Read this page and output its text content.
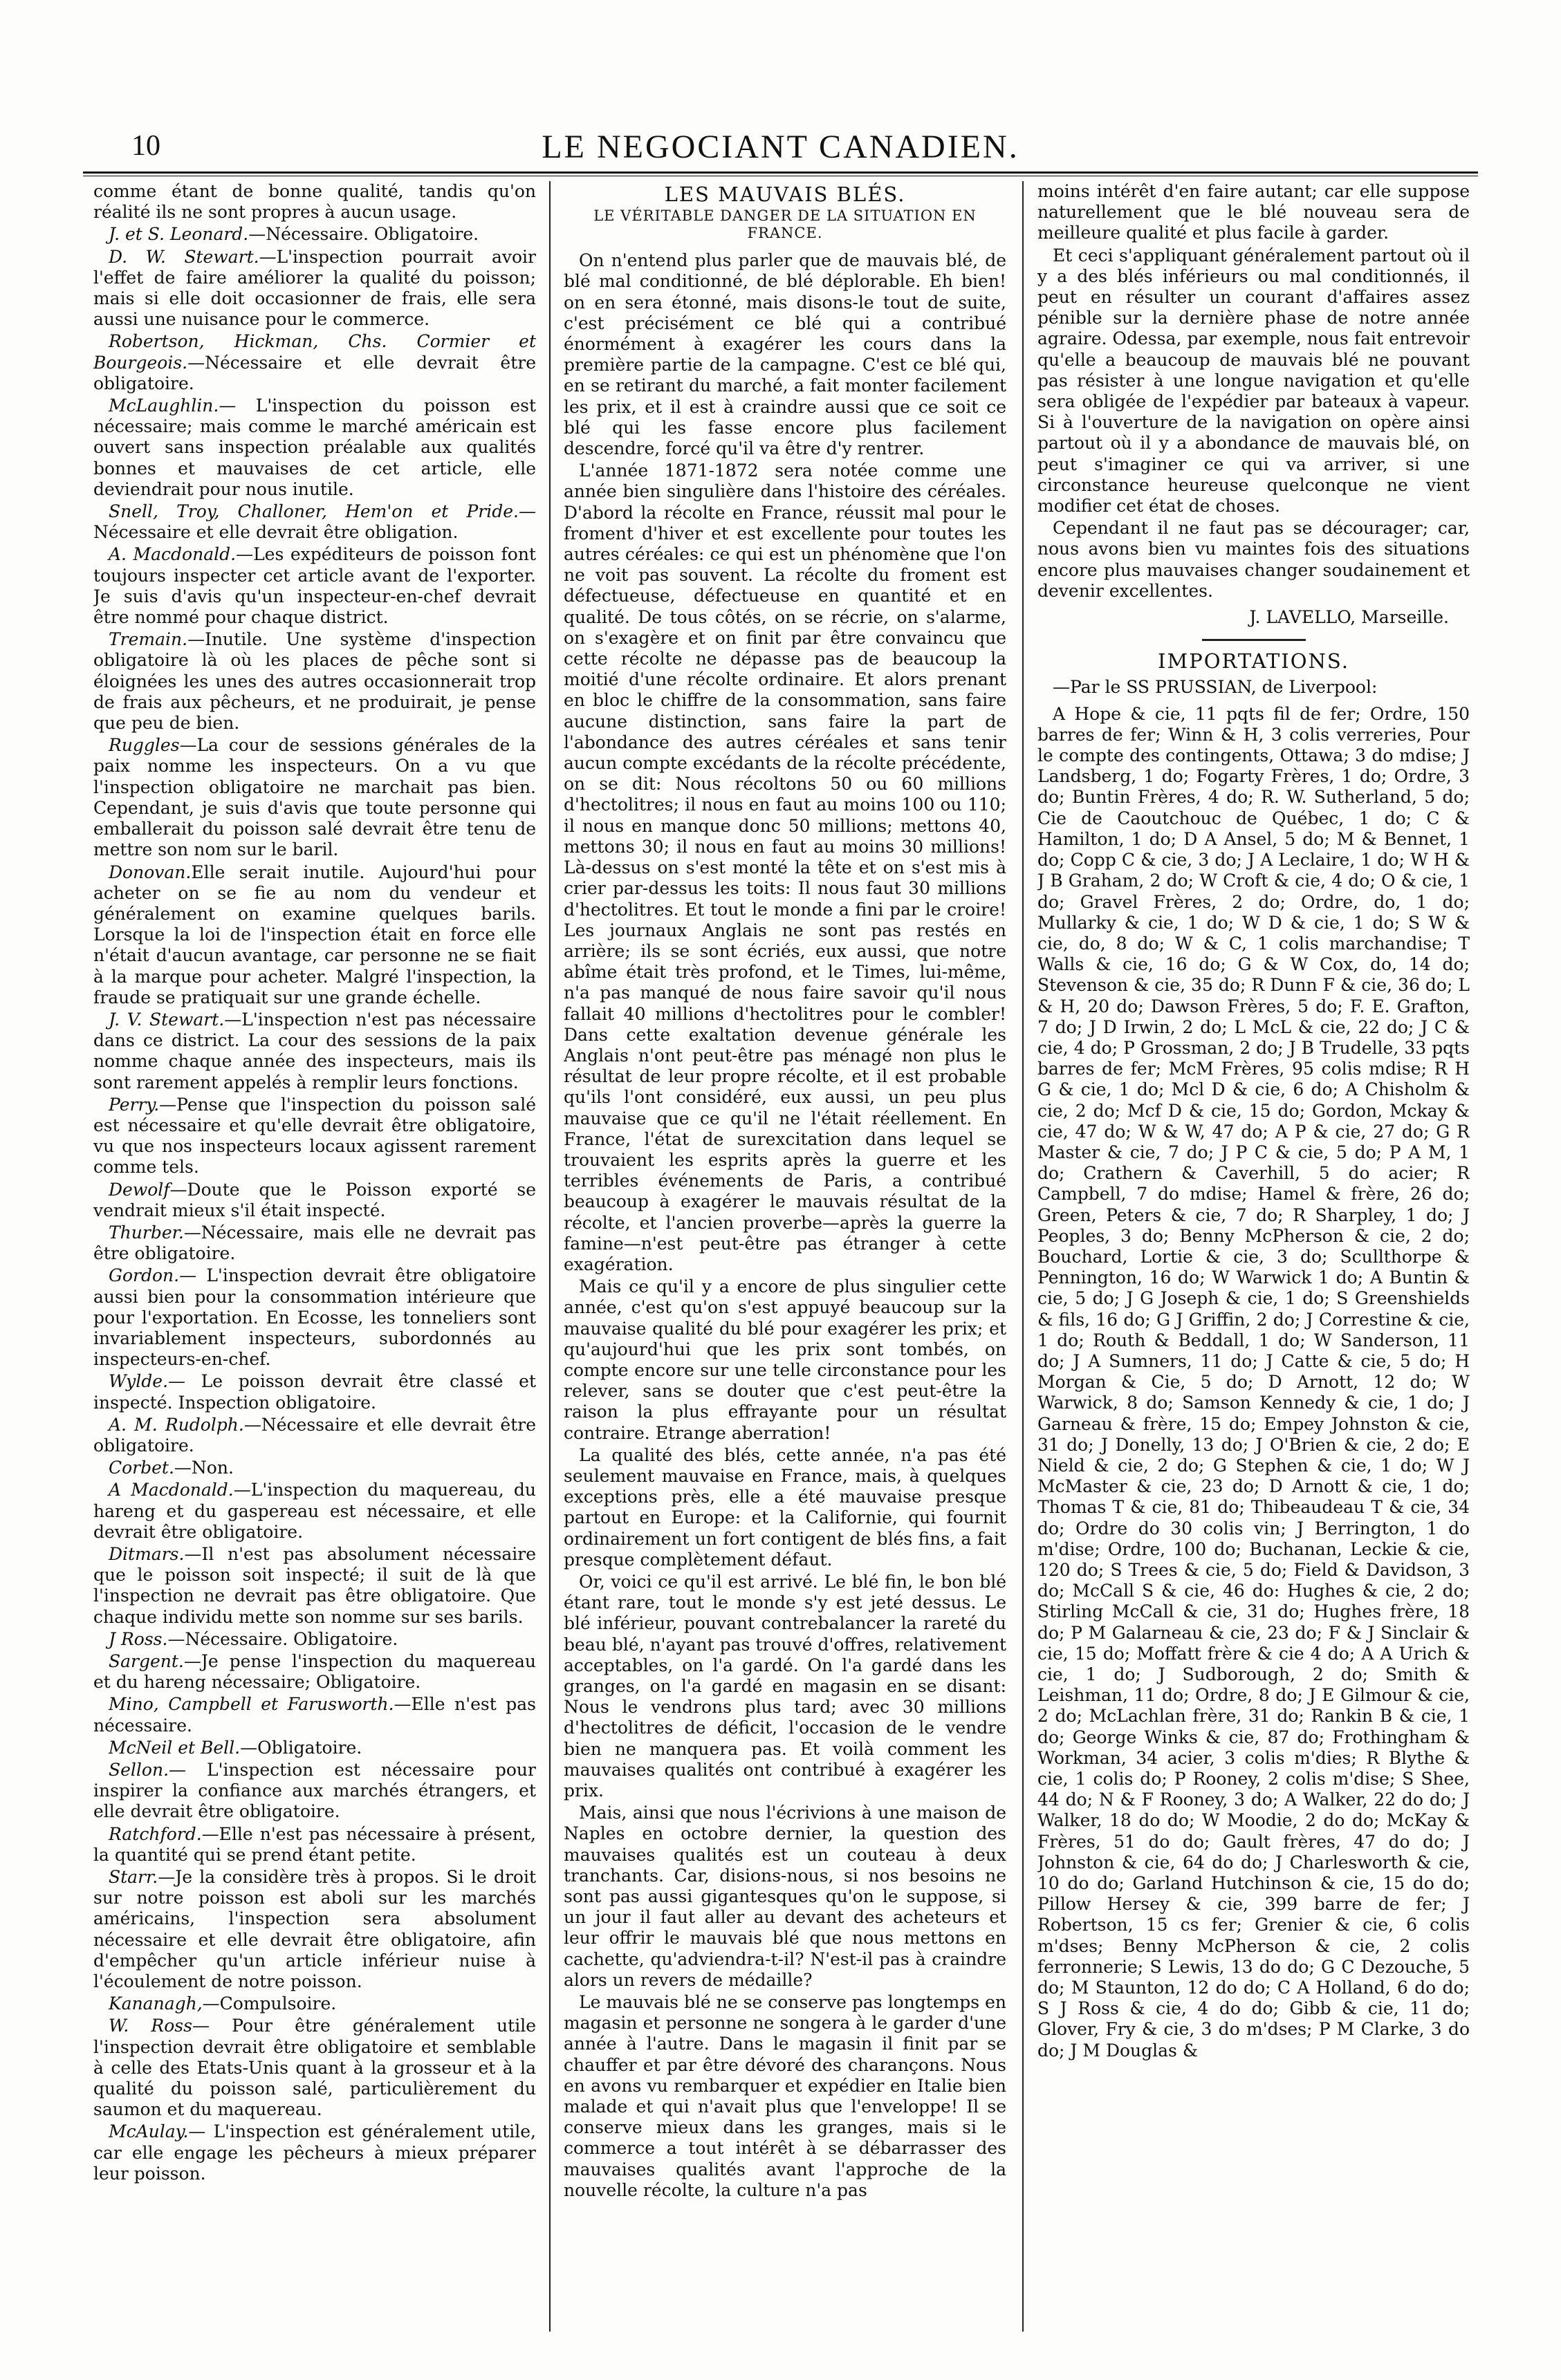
10	LE NEGOCIANT CANADIEN.

comme étant de bonne qualité, tandis qu'on réalité ils ne sont propres à aucun usage.

J. et S. Leonard.—Nécessaire. Obligatoire.

D. W. Stewart.—L'inspection pourrait avoir l'effet de faire améliorer la qualité du poisson; mais si elle doit occasionner de frais, elle sera aussi une nuisance pour le commerce.

Robertson, Hickman, Chs. Cormier et Bourgeois.—Nécessaire et elle devrait être obligatoire.

McLaughlin.— L'inspection du poisson est nécessaire; mais comme le marché américain est ouvert sans inspection préalable aux qualités bonnes et mauvaises de cet article, elle deviendrait pour nous inutile.

Snell, Troy, Challoner, Hem'on et Pride.—Nécessaire et elle devrait être obligation.

A. Macdonald.—Les expéditeurs de poisson font toujours inspecter cet article avant de l'exporter. Je suis d'avis qu'un inspecteur-en-chef devrait être nommé pour chaque district.

Tremain.—Inutile. Une système d'inspection obligatoire là où les places de pêche sont si éloignées les unes des autres occasionnerait trop de frais aux pêcheurs, et ne produirait, je pense que peu de bien.

Ruggles—La cour de sessions générales de la paix nomme les inspecteurs. On a vu que l'inspection obligatoire ne marchait pas bien. Cependant, je suis d'avis que toute personne qui emballerait du poisson salé devrait être tenu de mettre son nom sur le baril.

Donovan.Elle serait inutile. Aujourd'hui pour acheter on se fie au nom du vendeur et généralement on examine quelques barils. Lorsque la loi de l'inspection était en force elle n'était d'aucun avantage, car personne ne se fiait à la marque pour acheter. Malgré l'inspection, la fraude se pratiquait sur une grande échelle.

J. V. Stewart.—L'inspection n'est pas nécessaire dans ce district. La cour des sessions de la paix nomme chaque année des inspecteurs, mais ils sont rarement appelés à remplir leurs fonctions.

Perry.—Pense que l'inspection du poisson salé est nécessaire et qu'elle devrait être obligatoire, vu que nos inspecteurs locaux agissent rarement comme tels.

Dewolf—Doute que le Poisson exporté se vendrait mieux s'il était inspecté.

Thurber.—Nécessaire, mais elle ne devrait pas être obligatoire.

Gordon.— L'inspection devrait être obligatoire aussi bien pour la consommation intérieure que pour l'exportation. En Ecosse, les tonneliers sont invariablement inspecteurs, subordonnés au inspecteurs-en-chef.

Wylde.— Le poisson devrait être classé et inspecté. Inspection obligatoire.

A. M. Rudolph.—Nécessaire et elle devrait être obligatoire.

Corbet.—Non.

A Macdonald.—L'inspection du maquereau, du hareng et du gaspereau est nécessaire, et elle devrait être obligatoire.

Ditmars.—Il n'est pas absolument nécessaire que le poisson soit inspecté; il suit de là que l'inspection ne devrait pas être obligatoire. Que chaque individu mette son nomme sur ses barils.

J Ross.—Nécessaire. Obligatoire.

Sargent.—Je pense l'inspection du maquereau et du hareng nécessaire; Obligatoire.

Mino, Campbell et Farusworth.—Elle n'est pas nécessaire.

McNeil et Bell.—Obligatoire.

Sellon.— L'inspection est nécessaire pour inspirer la confiance aux marchés étrangers, et elle devrait être obligatoire.

Ratchford.—Elle n'est pas nécessaire à présent, la quantité qui se prend étant petite.

Starr.—Je la considère très à propos. Si le droit sur notre poisson est aboli sur les marchés américains, l'inspection sera absolument nécessaire et elle devrait être obligatoire, afin d'empêcher qu'un article inférieur nuise à l'écoulement de notre poisson.

Kananagh,—Compulsoire.

W. Ross— Pour être généralement utile l'inspection devrait être obligatoire et semblable à celle des Etats-Unis quant à la grosseur et à la qualité du poisson salé, particulièrement du saumon et du maquereau.

McAulay.— L'inspection est généralement utile, car elle engage les pêcheurs à mieux préparer leur poisson.

LES MAUVAIS BLÉS.
LE VÉRITABLE DANGER DE LA SITUATION EN FRANCE.

On n'entend plus parler que de mauvais blé, de blé mal conditionné, de blé déplorable. Eh bien! on en sera étonné, mais disons-le tout de suite, c'est précisément ce blé qui a contribué énormément à exagérer les cours dans la première partie de la campagne. C'est ce blé qui, en se retirant du marché, a fait monter facilement les prix, et il est à craindre aussi que ce soit ce blé qui les fasse encore plus facilement descendre, forcé qu'il va être d'y rentrer.

L'année 1871-1872 sera notée comme une année bien singulière dans l'histoire des céréales. D'abord la récolte en France, réussit mal pour le froment d'hiver et est excellente pour toutes les autres céréales: ce qui est un phénomène que l'on ne voit pas souvent. La récolte du froment est défectueuse, défectueuse en quantité et en qualité. De tous côtés, on se récrie, on s'alarme, on s'exagère et on finit par être convaincu que cette récolte ne dépasse pas de beaucoup la moitié d'une récolte ordinaire. Et alors prenant en bloc le chiffre de la consommation, sans faire aucune distinction, sans faire la part de l'abondance des autres céréales et sans tenir aucun compte excédants de la récolte précédente, on se dit: Nous récoltons 50 ou 60 millions d'hectolitres; il nous en faut au moins 100 ou 110; il nous en manque donc 50 millions; mettons 40, mettons 30; il nous en faut au moins 30 millions! Là-dessus on s'est monté la tête et on s'est mis à crier par-dessus les toits: Il nous faut 30 millions d'hectolitres. Et tout le monde a fini par le croire! Les journaux Anglais ne sont pas restés en arrière; ils se sont écriés, eux aussi, que notre abîme était très profond, et le Times, lui-même, n'a pas manqué de nous faire savoir qu'il nous fallait 40 millions d'hectolitres pour le combler! Dans cette exaltation devenue générale les Anglais n'ont peut-être pas ménagé non plus le résultat de leur propre récolte, et il est probable qu'ils l'ont considéré, eux aussi, un peu plus mauvaise que ce qu'il ne l'était réellement. En France, l'état de surexcitation dans lequel se trouvaient les esprits après la guerre et les terribles événements de Paris, a contribué beaucoup à exagérer le mauvais résultat de la récolte, et l'ancien proverbe—après la guerre la famine—n'est peut-être pas étranger à cette exagération.

Mais ce qu'il y a encore de plus singulier cette année, c'est qu'on s'est appuyé beaucoup sur la mauvaise qualité du blé pour exagérer les prix; et qu'aujourd'hui que les prix sont tombés, on compte encore sur une telle circonstance pour les relever, sans se douter que c'est peut-être la raison la plus effrayante pour un résultat contraire. Etrange aberration!

La qualité des blés, cette année, n'a pas été seulement mauvaise en France, mais, à quelques exceptions près, elle a été mauvaise presque partout en Europe: et la Californie, qui fournit ordinairement un fort contigent de blés fins, a fait presque complètement défaut.

Or, voici ce qu'il est arrivé. Le blé fin, le bon blé étant rare, tout le monde s'y est jeté dessus. Le blé inférieur, pouvant contrebalancer la rareté du beau blé, n'ayant pas trouvé d'offres, relativement acceptables, on l'a gardé. On l'a gardé dans les granges, on l'a gardé en magasin en se disant: Nous le vendrons plus tard; avec 30 millions d'hectolitres de déficit, l'occasion de le vendre bien ne manquera pas. Et voilà comment les mauvaises qualités ont contribué à exagérer les prix.

Mais, ainsi que nous l'écrivions à une maison de Naples en octobre dernier, la question des mauvaises qualités est un couteau à deux tranchants. Car, disions-nous, si nos besoins ne sont pas aussi gigantesques qu'on le suppose, si un jour il faut aller au devant des acheteurs et leur offrir le mauvais blé que nous mettons en cachette, qu'adviendra-t-il? N'est-il pas à craindre alors un revers de médaille?

Le mauvais blé ne se conserve pas longtemps en magasin et personne ne songera à le garder d'une année à l'autre. Dans le magasin il finit par se chauffer et par être dévoré des charançons. Nous en avons vu rembarquer et expédier en Italie bien malade et qui n'avait plus que l'enveloppe! Il se conserve mieux dans les granges, mais si le commerce a tout intérêt à se débarrasser des mauvaises qualités avant l'approche de la nouvelle récolte, la culture n'a pas

moins intérêt d'en faire autant; car elle suppose naturellement que le blé nouveau sera de meilleure qualité et plus facile à garder.

Et ceci s'appliquant généralement partout où il y a des blés inférieurs ou mal conditionnés, il peut en résulter un courant d'affaires assez pénible sur la dernière phase de notre année agraire. Odessa, par exemple, nous fait entrevoir qu'elle a beaucoup de mauvais blé ne pouvant pas résister à une longue navigation et qu'elle sera obligée de l'expédier par bateaux à vapeur. Si à l'ouverture de la navigation on opère ainsi partout où il y a abondance de mauvais blé, on peut s'imaginer ce qui va arriver, si une circonstance heureuse quelconque ne vient modifier cet état de choses.

Cependant il ne faut pas se décourager; car, nous avons bien vu maintes fois des situations encore plus mauvaises changer soudainement et devenir excellentes.

J. LAVELLO, Marseille.
IMPORTATIONS.
—Par le SS PRUSSIAN, de Liverpool:

A Hope & cie, 11 pqts fil de fer; Ordre, 150 barres de fer; Winn & H, 3 colis verreries, Pour le compte des contingents, Ottawa; 3 do mdise; J Landsberg, 1 do; Fogarty Frères, 1 do; Ordre, 3 do; Buntin Frères, 4 do; R. W. Sutherland, 5 do; Cie de Caoutchouc de Québec, 1 do; C & Hamilton, 1 do; D A Ansel, 5 do; M & Bennet, 1 do; Copp C & cie, 3 do; J A Leclaire, 1 do; W H & J B Graham, 2 do; W Croft & cie, 4 do; O & cie, 1 do; Gravel Frères, 2 do; Ordre, do, 1 do; Mullarky & cie, 1 do; W D & cie, 1 do; S W & cie, do, 8 do; W & C, 1 colis marchandise; T Walls & cie, 16 do; G & W Cox, do, 14 do; Stevenson & cie, 35 do; R Dunn F & cie, 36 do; L & H, 20 do; Dawson Frères, 5 do; F. E. Grafton, 7 do; J D Irwin, 2 do; L McL & cie, 22 do; J C & cie, 4 do; P Grossman, 2 do; J B Trudelle, 33 pqts barres de fer; McM Frères, 95 colis mdise; R H G & cie, 1 do; Mcl D & cie, 6 do; A Chisholm & cie, 2 do; Mcf D & cie, 15 do; Gordon, Mckay & cie, 47 do; W & W, 47 do; A P & cie, 27 do; G R Master & cie, 7 do; J P C & cie, 5 do; P A M, 1 do; Crathern & Caverhill, 5 do acier; R Campbell, 7 do mdise; Hamel & frère, 26 do; Green, Peters & cie, 7 do; R Sharpley, 1 do; J Peoples, 3 do; Benny McPherson & cie, 2 do; Bouchard, Lortie & cie, 3 do; Scullthorpe & Pennington, 16 do; W Warwick 1 do; A Buntin & cie, 5 do; J G Joseph & cie, 1 do; S Greenshields & fils, 16 do; G J Griffin, 2 do; J Correstine & cie, 1 do; Routh & Beddall, 1 do; W Sanderson, 11 do; J A Sumners, 11 do; J Catte & cie, 5 do; H Morgan & Cie, 5 do; D Arnott, 12 do; W Warwick, 8 do; Samson Kennedy & cie, 1 do; J Garneau & frère, 15 do; Empey Johnston & cie, 31 do; J Donelly, 13 do; J O'Brien & cie, 2 do; E Nield & cie, 2 do; G Stephen & cie, 1 do; W J McMaster & cie, 23 do; D Arnott & cie, 1 do; Thomas T & cie, 81 do; Thibeaudeau T & cie, 34 do; Ordre do 30 colis vin; J Berrington, 1 do m'dise; Ordre, 100 do; Buchanan, Leckie & cie, 120 do; S Trees & cie, 5 do; Field & Davidson, 3 do; McCall S & cie, 46 do: Hughes & cie, 2 do; Stirling McCall & cie, 31 do; Hughes frère, 18 do; P M Galarneau & cie, 23 do; F & J Sinclair & cie, 15 do; Moffatt frère & cie 4 do; A A Urich & cie, 1 do; J Sudborough, 2 do; Smith & Leishman, 11 do; Ordre, 8 do; J E Gilmour & cie, 2 do; McLachlan frère, 31 do; Rankin B & cie, 1 do; George Winks & cie, 87 do; Frothingham & Workman, 34 acier, 3 colis m'dies; R Blythe & cie, 1 colis do; P Rooney, 2 colis m'dise; S Shee, 44 do; N & F Rooney, 3 do; A Walker, 22 do do; J Walker, 18 do do; W Moodie, 2 do do; McKay & Frères, 51 do do; Gault frères, 47 do do; J Johnston & cie, 64 do do; J Charlesworth & cie, 10 do do; Garland Hutchinson & cie, 15 do do; Pillow Hersey & cie, 399 barre de fer; J Robertson, 15 cs fer; Grenier & cie, 6 colis m'dses; Benny McPherson & cie, 2 colis ferronnerie; S Lewis, 13 do do; G C Dezouche, 5 do; M Staunton, 12 do do; C A Holland, 6 do do; S J Ross & cie, 4 do do; Gibb & cie, 11 do; Glover, Fry & cie, 3 do m'dses; P M Clarke, 3 do do; J M Douglas &
